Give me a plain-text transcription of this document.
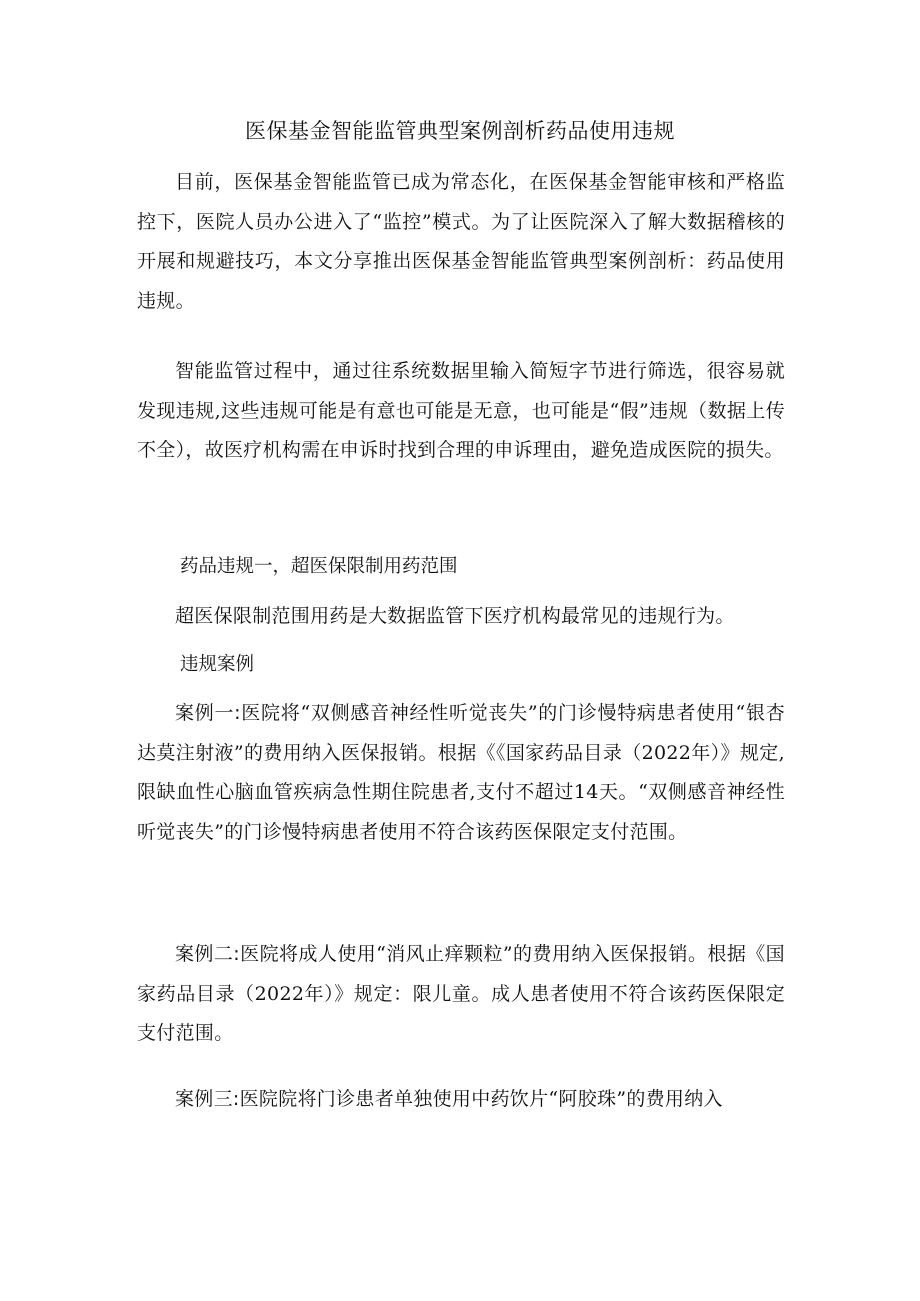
医保基金智能监管典型案例剖析药品使用违规

目前，医保基金智能监管已成为常态化，在医保基金智能审核和严格监控下，医院人员办公进入了“监控”模式。为了让医院深入了解大数据稽核的开展和规避技巧，本文分享推出医保基金智能监管典型案例剖析：药品使用违规。

智能监管过程中，通过往系统数据里输入简短字节进行筛选，很容易就发现违规,这些违规可能是有意也可能是无意，也可能是“假”违规（数据上传不全），故医疗机构需在申诉时找到合理的申诉理由，避免造成医院的损失。

药品违规一，超医保限制用药范围

超医保限制范围用药是大数据监管下医疗机构最常见的违规行为。

违规案例

案例一:医院将“双侧感音神经性听觉丧失”的门诊慢特病患者使用“银杏达莫注射液”的费用纳入医保报销。根据《《国家药品目录（2022年）》规定,限缺血性心脑血管疾病急性期住院患者,支付不超过14天。“双侧感音神经性听觉丧失”的门诊慢特病患者使用不符合该药医保限定支付范围。

案例二:医院将成人使用“消风止痒颗粒”的费用纳入医保报销。根据《国家药品目录（2022年）》规定：限儿童。成人患者使用不符合该药医保限定支付范围。

案例三:医院院将门诊患者单独使用中药饮片“阿胶珠”的费用纳入
